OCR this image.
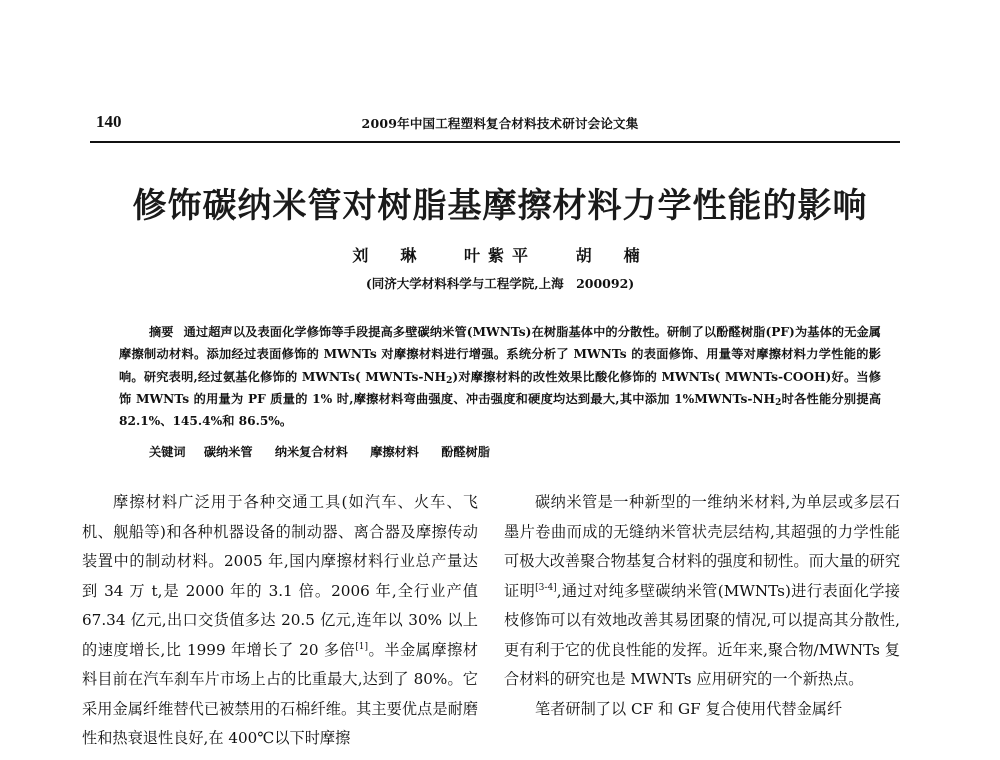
140	2009年中国工程塑料复合材料技术研讨会论文集
修饰碳纳米管对树脂基摩擦材料力学性能的影响
刘　琳 叶紫平 胡　楠
(同济大学材料科学与工程学院,上海　200092)
摘要 通过超声以及表面化学修饰等手段提高多壁碳纳米管(MWNTs)在树脂基体中的分散性。研制了以酚醛树脂(PF)为基体的无金属摩擦制动材料。添加经过表面修饰的 MWNTs 对摩擦材料进行增强。系统分析了 MWNTs 的表面修饰、用量等对摩擦材料力学性能的影响。研究表明,经过氨基化修饰的 MWNTs( MWNTs-$NH_2$)对摩擦材料的改性效果比酸化修饰的 MWNTs( MWNTs-COOH)好。当修饰 MWNTs 的用量为 PF 质量的 1% 时,摩擦材料弯曲强度、冲击强度和硬度均达到最大,其中添加 $1\%MWNTs-NH_2$时各性能分别提高 82.1%、145.4%和 86.5%。
关键词 碳纳米管 纳米复合材料 摩擦材料 酚醛树脂

摩擦材料广泛用于各种交通工具(如汽车、火车、飞机、舰船等)和各种机器设备的制动器、离合器及摩擦传动装置中的制动材料。2005 年,国内摩擦材料行业总产量达到 34 万 t,是 2000 年的 3.1 倍。2006 年,全行业产值 67.34 亿元,出口交货值多达 20.5 亿元,连年以 30% 以上的速度增长,比 1999 年增长了 20 多倍[1]。半金属摩擦材料目前在汽车刹车片市场上占的比重最大,达到了 80%。它采用金属纤维替代已被禁用的石棉纤维。其主要优点是耐磨性和热衰退性良好,在 400℃以下时摩擦

碳纳米管是一种新型的一维纳米材料,为单层或多层石墨片卷曲而成的无缝纳米管状壳层结构,其超强的力学性能可极大改善聚合物基复合材料的强度和韧性。而大量的研究证明[3-4],通过对纯多壁碳纳米管(MWNTs)进行表面化学接枝修饰可以有效地改善其易团聚的情况,可以提高其分散性,更有利于它的优良性能的发挥。近年来,聚合物/MWNTs 复合材料的研究也是 MWNTs 应用研究的一个新热点。

笔者研制了以 CF 和 GF 复合使用代替金属纤
